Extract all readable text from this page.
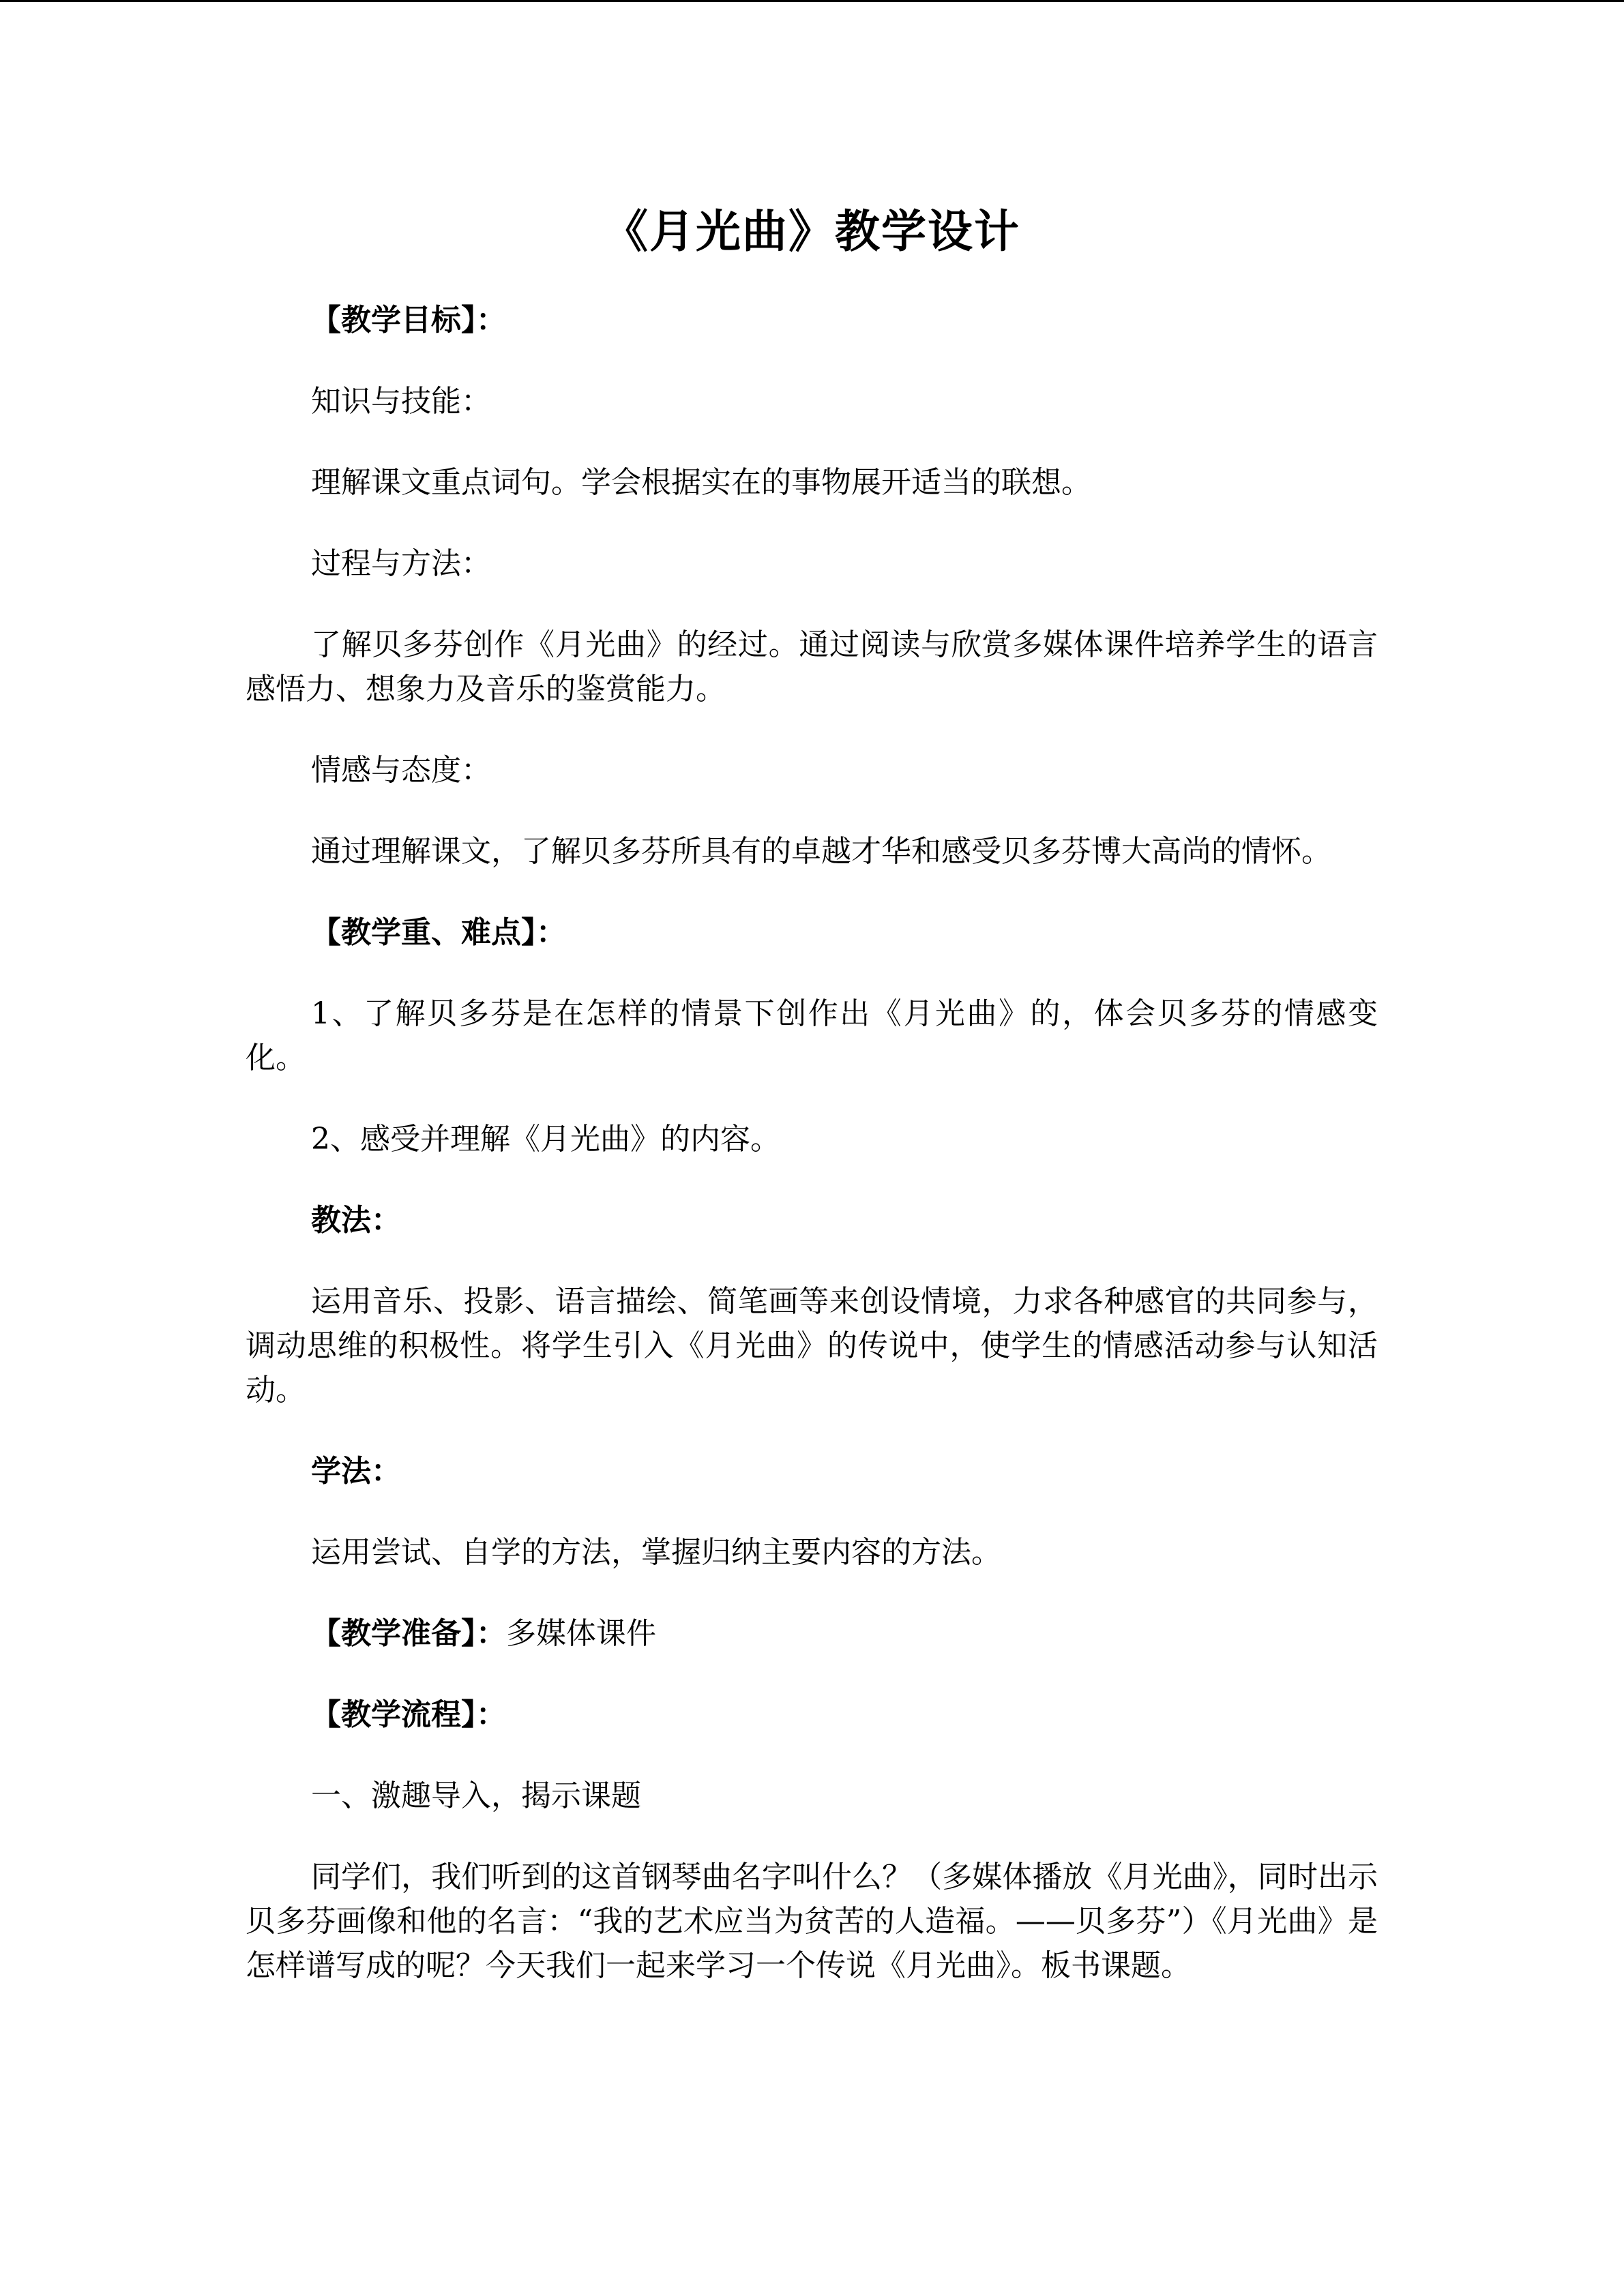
《月光曲》教学设计
【教学目标】：
知识与技能：
理解课文重点词句。学会根据实在的事物展开适当的联想。
过程与方法：
了解贝多芬创作《月光曲》的经过。通过阅读与欣赏多媒体课件培养学生的语言感悟力、想象力及音乐的鉴赏能力。
情感与态度：
通过理解课文，了解贝多芬所具有的卓越才华和感受贝多芬博大高尚的情怀。
【教学重、难点】：
1、了解贝多芬是在怎样的情景下创作出《月光曲》的，体会贝多芬的情感变化。
2、感受并理解《月光曲》的内容。
教法：
运用音乐、投影、语言描绘、简笔画等来创设情境，力求各种感官的共同参与，调动思维的积极性。将学生引入《月光曲》的传说中，使学生的情感活动参与认知活动。
学法：
运用尝试、自学的方法，掌握归纳主要内容的方法。
【教学准备】：多媒体课件
【教学流程】：
一、激趣导入，揭示课题
同学们，我们听到的这首钢琴曲名字叫什么？（多媒体播放《月光曲》，同时出示贝多芬画像和他的名言：“我的艺术应当为贫苦的人造福。——贝多芬”）《月光曲》是怎样谱写成的呢？今天我们一起来学习一个传说《月光曲》。板书课题。
